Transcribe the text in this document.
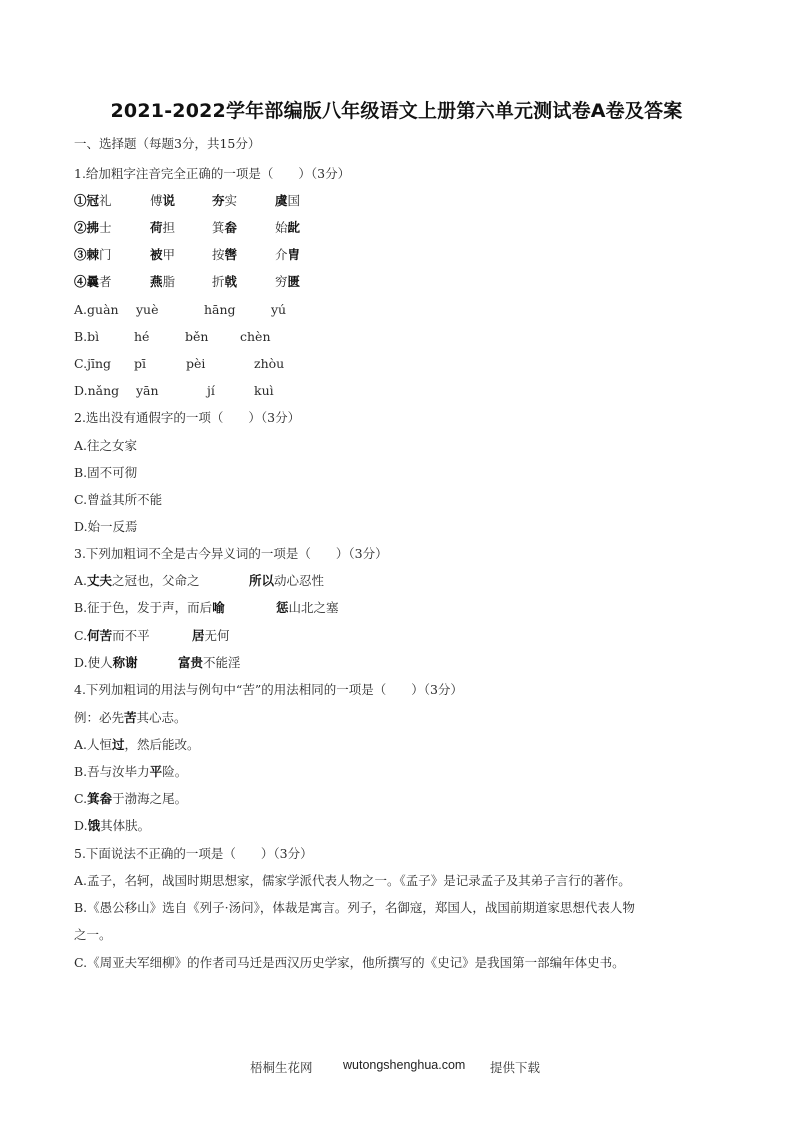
2021-2022学年部编版八年级语文上册第六单元测试卷A卷及答案
一、选择题（每题3分，共15分）
1.给加粗字注音完全正确的一项是（　　）（3分）
①冠礼	傅说	夯实	虞国
②拂士	荷担	箕畚	始龀
③棘门	被甲	按辔	介胄
④曩者	燕脂	折戟	穷匮
A.guàn yuè	hāng	yú
B.bì	hé	běn	chèn
C.jīng pī	pèi	zhòu
D.nǎng yān	jí	kuì
2.选出没有通假字的一项（　　）（3分）
A.往之女家
B.固不可彻
C.曾益其所不能
D.始一反焉
3.下列加粗词不全是古今异义词的一项是（　　）（3分）
A.丈夫之冠也，父命之	所以动心忍性
B.征于色，发于声，而后喻	惩山北之塞
C.何苦而不平	居无何
D.使人称谢	富贵不能淫
4.下列加粗词的用法与例句中“苦”的用法相同的一项是（　　）（3分）
例：必先苦其心志。
A.人恒过，然后能改。
B.吾与汝毕力平险。
C.箕畚于渤海之尾。
D.饿其体肤。
5.下面说法不正确的一项是（　　）（3分）
A.孟子，名轲，战国时期思想家，儒家学派代表人物之一。《孟子》是记录孟子及其弟子言行的著作。
B.《愚公移山》选自《列子·汤问》，体裁是寓言。列子，名御寇，郑国人，战国前期道家思想代表人物
之一。
C.《周亚夫军细柳》的作者司马迁是西汉历史学家，他所撰写的《史记》是我国第一部编年体史书。
梧桐生花网 wutongshenghua.com 提供下载
